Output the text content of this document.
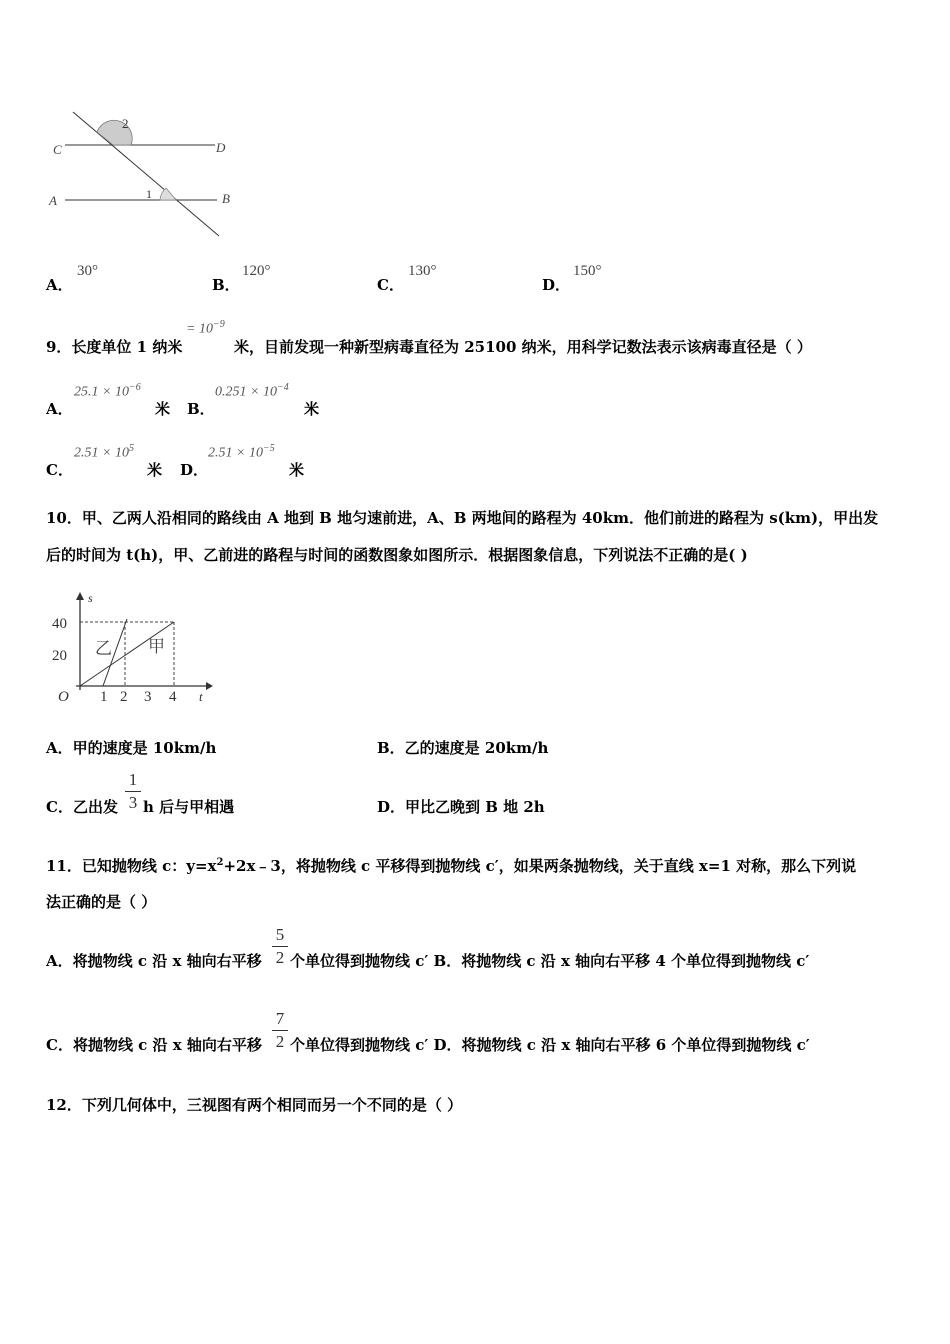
C	D
A	B
2
1
A．
30°
B．
120°
C．
130°
D．
150°
9．长度单位 1 纳米
= $10^{-9}$
米，目前发现一种新型病毒直径为 25100 纳米，用科学记数法表示该病毒直径是（ ）
A．
$25.1 \times 10^{-6}$
米 B．
$0.251 \times 10^{-4}$
米
C．
$2.51 \times 10^5$
米 D．
$2.51 \times 10^{-5}$
米
10．甲、乙两人沿相同的路线由 A 地到 B 地匀速前进，A、B 两地间的路程为 40km．他们前进的路程为 s(km)，甲出发
后的时间为 t(h)，甲、乙前进的路程与时间的函数图象如图所示．根据图象信息，下列说法不正确的是( )
s
t
O
40
20
1 2 3 4
乙 甲
A．甲的速度是 10km/h	B．乙的速度是 20km/h
C．乙出发
1
3 h 后与甲相遇	D．甲比乙晚到 B 地 2h
11．已知抛物线 c：$y=x^2+2x﹣3$，将抛物线 c 平移得到抛物线 c′，如果两条抛物线，关于直线 x=1 对称，那么下列说
法正确的是（ ）
A．将抛物线 c 沿 x 轴向右平移
5
2 个单位得到抛物线 c′ B．将抛物线 c 沿 x 轴向右平移 4 个单位得到抛物线 c′
C．将抛物线 c 沿 x 轴向右平移
7
2 个单位得到抛物线 c′ D．将抛物线 c 沿 x 轴向右平移 6 个单位得到抛物线 c′
12．下列几何体中，三视图有两个相同而另一个不同的是（ ）
